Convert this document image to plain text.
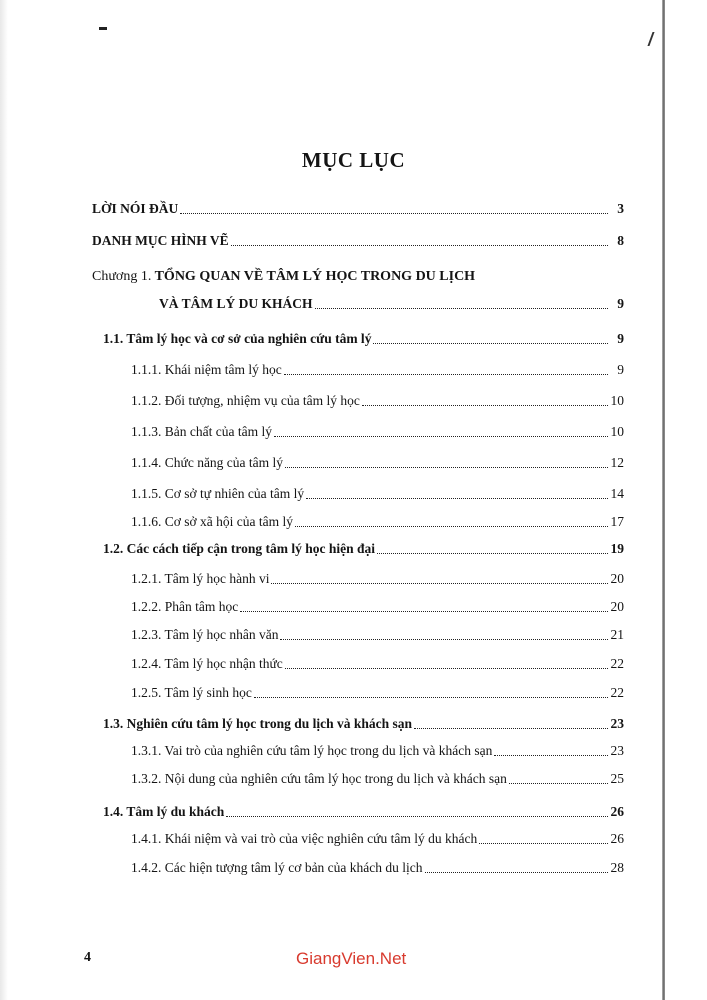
MỤC LỤC
LỜI NÓI ĐẦU	3
DANH MỤC HÌNH VẼ	8
Chương 1. TỔNG QUAN VỀ TÂM LÝ HỌC TRONG DU LỊCH
VÀ TÂM LÝ DU KHÁCH	9
1.1. Tâm lý học và cơ sở của nghiên cứu tâm lý	9
1.1.1. Khái niệm tâm lý học	9
1.1.2. Đối tượng, nhiệm vụ của tâm lý học	10
1.1.3. Bản chất của tâm lý	10
1.1.4. Chức năng của tâm lý	12
1.1.5. Cơ sở tự nhiên của tâm lý	14
1.1.6. Cơ sở xã hội của tâm lý	17
1.2. Các cách tiếp cận trong tâm lý học hiện đại	19
1.2.1. Tâm lý học hành vi	20
1.2.2. Phân tâm học	20
1.2.3. Tâm lý học nhân văn	21
1.2.4. Tâm lý học nhận thức	22
1.2.5. Tâm lý sinh học	22
1.3. Nghiên cứu tâm lý học trong du lịch và khách sạn	23
1.3.1. Vai trò của nghiên cứu tâm lý học trong du lịch và khách sạn	23
1.3.2. Nội dung của nghiên cứu tâm lý học trong du lịch và khách sạn	25
1.4. Tâm lý du khách	26
1.4.1. Khái niệm và vai trò của việc nghiên cứu tâm lý du khách	26
1.4.2. Các hiện tượng tâm lý cơ bản của khách du lịch	28
4	GiangVien.Net
